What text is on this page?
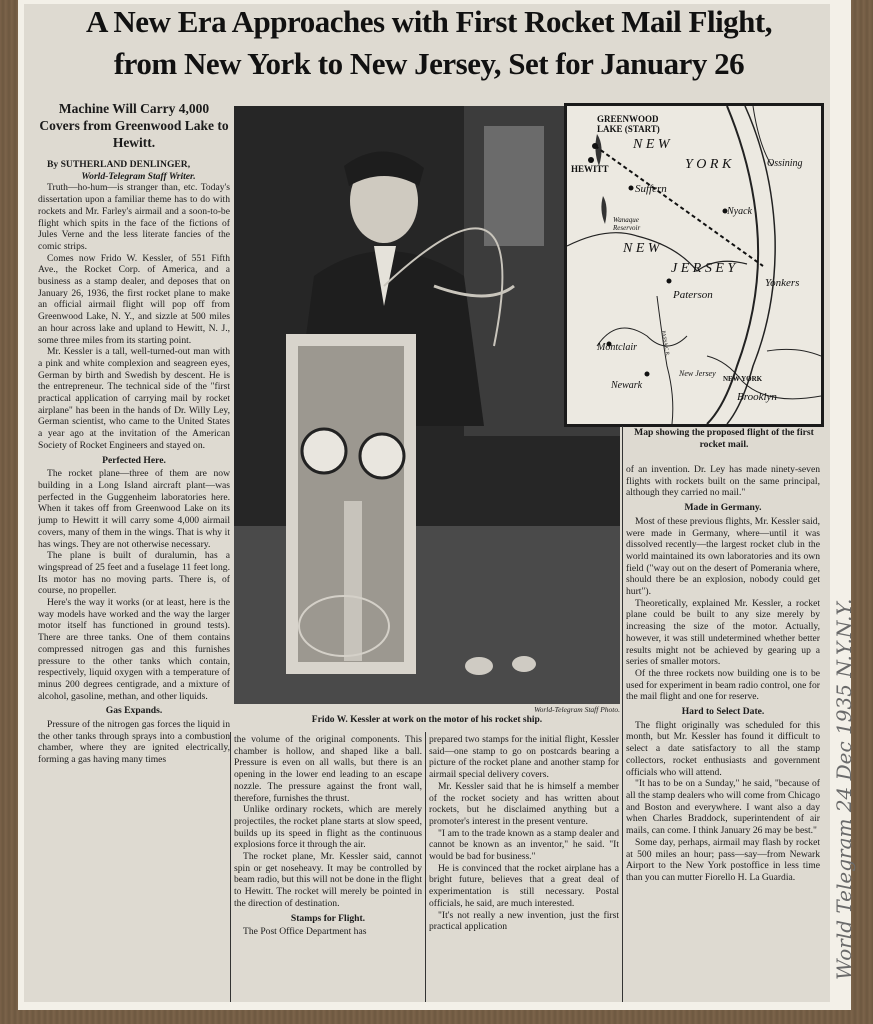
A New Era Approaches with First Rocket Mail Flight,
from New York to New Jersey, Set for January 26
Machine Will Carry 4,000 Covers from Greenwood Lake to Hewitt.

By SUTHERLAND DENLINGER,

World-Telegram Staff Writer.

Truth—ho-hum—is stranger than, etc. Today's dissertation upon a familiar theme has to do with rockets and Mr. Farley's airmail and a soon-to-be flight which spits in the face of the fictions of Jules Verne and the less literate fancies of the comic strips.

Comes now Frido W. Kessler, of 551 Fifth Ave., the Rocket Corp. of America, and a business as a stamp dealer, and deposes that on January 26, 1936, the first rocket plane to make an official airmail flight will pop off from Greenwood Lake, N. Y., and sizzle at 500 miles an hour across lake and upland to Hewitt, N. J., some three miles from its starting point.

Mr. Kessler is a tall, well-turned-out man with a pink and white complexion and seagreen eyes, German by birth and Swedish by descent. He is the entrepreneur. The technical side of the "first practical application of carrying mail by rocket airplane" has been in the hands of Dr. Willy Ley, German scientist, who came to the United States a year ago at the invitation of the American Society of Rocket Engineers and stayed on.

Perfected Here.

The rocket plane—three of them are now building in a Long Island aircraft plant—was perfected in the Guggenheim laboratories here. When it takes off from Greenwood Lake on its jump to Hewitt it will carry some 4,000 airmail covers, many of them in the wings. That is why it has wings. They are not otherwise necessary.

The plane is built of duralumin, has a wingspread of 25 feet and a fuselage 11 feet long. Its motor has no moving parts. There is, of course, no propeller.

Here's the way it works (or at least, here is the way models have worked and the way the larger motor itself has functioned in ground tests). There are three tanks. One of them contains compressed nitrogen gas and this furnishes pressure to the other tanks which contain, respectively, liquid oxygen with a temperature of minus 200 degrees centigrade, and a mixture of alcohol, gasoline, methan, and other liquids.

Gas Expands.

Pressure of the nitrogen gas forces the liquid in the other tanks through sprays into a combustion chamber, where they are ignited electrically, forming a gas having many times

World-Telegram Staff Photo.
Frido W. Kessler at work on the motor of his rocket ship.
GREENWOOD
LAKE (START)
HEWITT
N E W
Y O R K	Ossining
Suffern
Nyack
Wanaque
Reservoir
N E W
J E R S E Y
Yonkers
Paterson
Montclair	PASSAIC R.
Newark
New Jersey
NEW YORK
Brooklyn
Map showing the proposed flight of the first rocket mail.

the volume of the original components. This chamber is hollow, and shaped like a ball. Pressure is even on all walls, but there is an opening in the lower end leading to an escape nozzle. The pressure against the front wall, therefore, furnishes the thrust.

Unlike ordinary rockets, which are merely projectiles, the rocket plane starts at slow speed, builds up its speed in flight as the continuous explosions force it through the air.

The rocket plane, Mr. Kessler said, cannot spin or get noseheavy. It may be controlled by beam radio, but this will not be done in the flight to Hewitt. The rocket will merely be pointed in the direction of destination.

Stamps for Flight.

The Post Office Department has

prepared two stamps for the initial flight, Kessler said—one stamp to go on postcards bearing a picture of the rocket plane and another stamp for airmail special delivery covers.

Mr. Kessler said that he is himself a member of the rocket society and has written about rockets, but he disclaimed anything but a promoter's interest in the present venture.

"I am to the trade known as a stamp dealer and cannot be known as an inventor," he said. "It would be bad for business."

He is convinced that the rocket airplane has a bright future, believes that a great deal of experimentation is still necessary. Postal officials, he said, are much interested.

"It's not really a new invention, just the first practical application

of an invention. Dr. Ley has made ninety-seven flights with rockets built on the same principal, although they carried no mail."

Made in Germany.

Most of these previous flights, Mr. Kessler said, were made in Germany, where—until it was dissolved recently—the largest rocket club in the world maintained its own laboratories and its own field ("way out on the desert of Pomerania where, should there be an explosion, nobody could get hurt").

Theoretically, explained Mr. Kessler, a rocket plane could be built to any size merely by increasing the size of the motor. Actually, however, it was still undetermined whether better results might not be achieved by gearing up a series of smaller motors.

Of the three rockets now building one is to be used for experiment in beam radio control, one for the mail flight and one for reserve.

Hard to Select Date.

The flight originally was scheduled for this month, but Mr. Kessler has found it difficult to select a date satisfactory to all the stamp collectors, rocket enthusiasts and government officials who will attend.

"It has to be on a Sunday," he said, "because of all the stamp dealers who will come from Chicago and Boston and everywhere. I want also a day when Charles Braddock, superintendent of air mails, can come. I think January 26 may be best."

Some day, perhaps, airmail may flash by rocket at 500 miles an hour; pass—say—from Newark Airport to the New York postoffice in less time than you can mutter Fiorello H. La Guardia.	World Telegram 24 Dec 1935 N.Y.N.Y.
